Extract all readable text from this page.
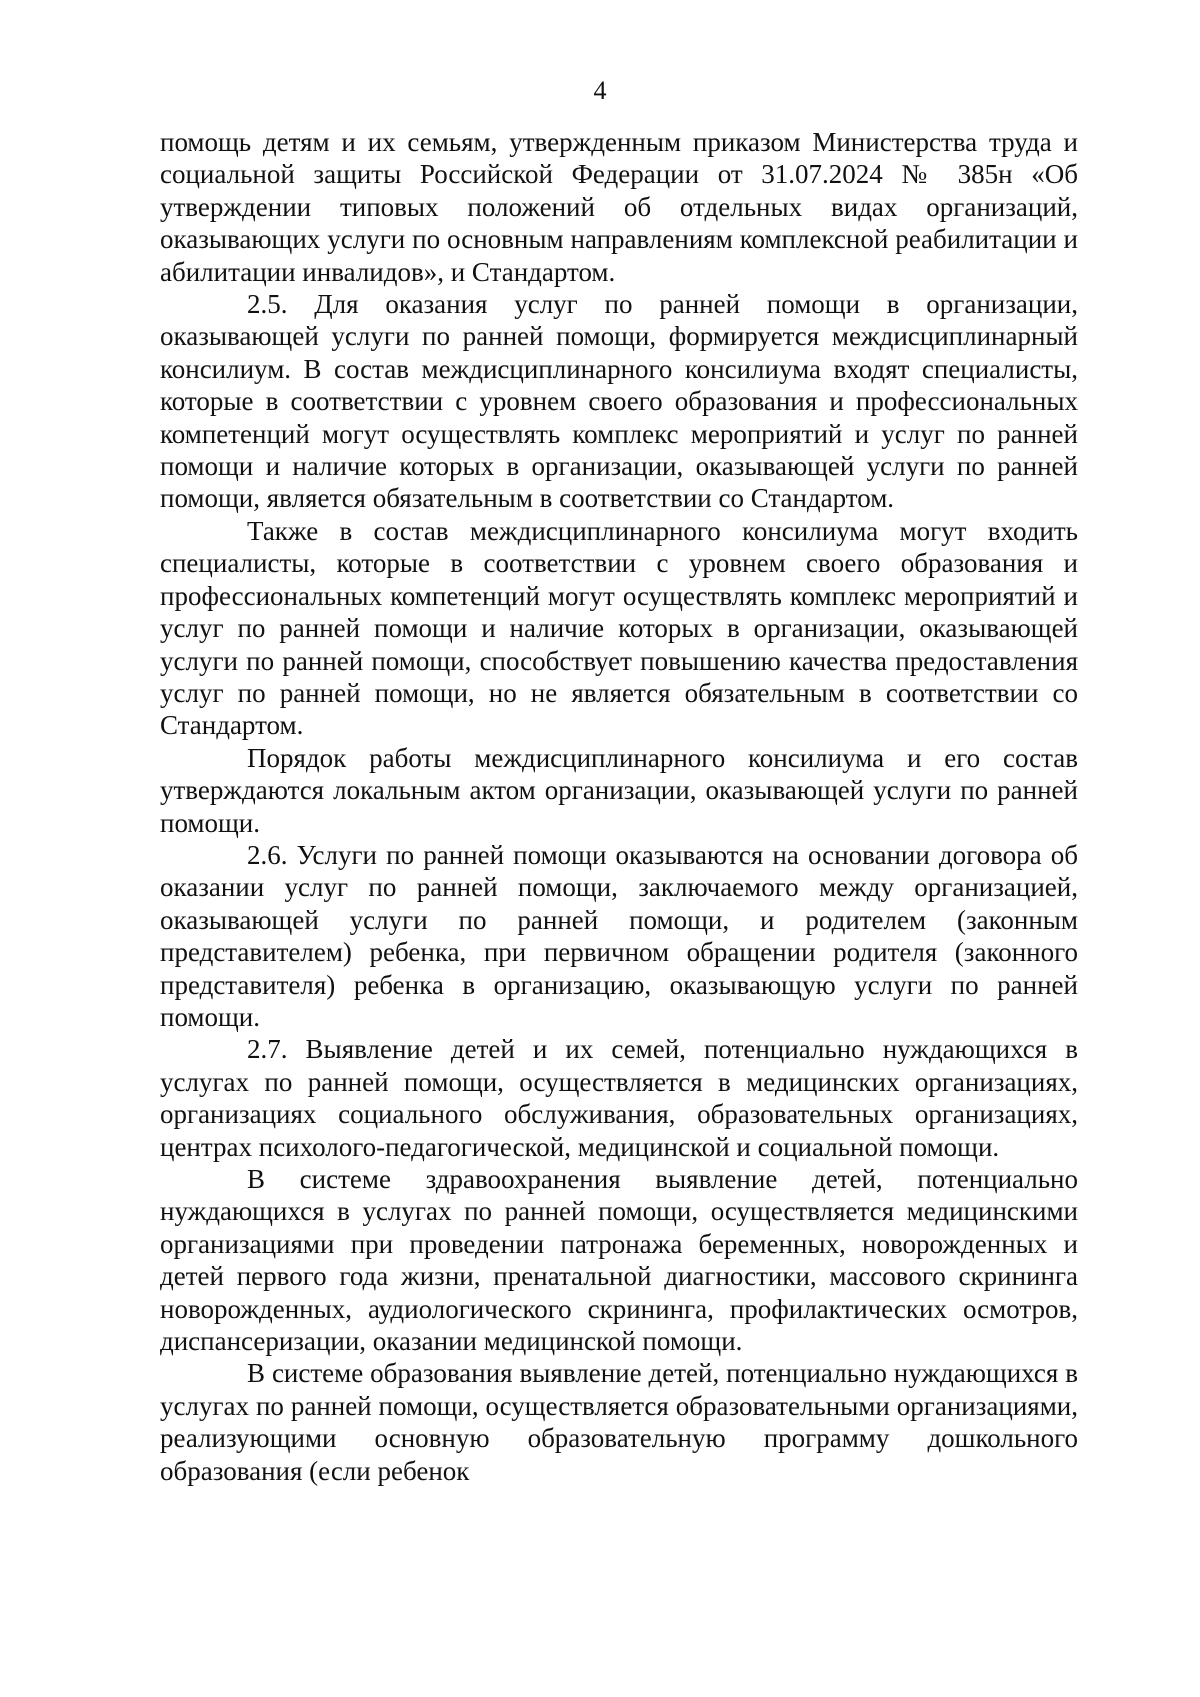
4

помощь детям и их семьям, утвержденным приказом Министерства труда и социальной защиты Российской Федерации от 31.07.2024 № 385н «Об утверждении типовых положений об отдельных видах организаций, оказывающих услуги по основным направлениям комплексной реабилитации и абилитации инвалидов», и Стандартом.

2.5. Для оказания услуг по ранней помощи в организации, оказывающей услуги по ранней помощи, формируется междисциплинарный консилиум. В состав междисциплинарного консилиума входят специалисты, которые в соответствии с уровнем своего образования и профессиональных компетенций могут осуществлять комплекс мероприятий и услуг по ранней помощи и наличие которых в организации, оказывающей услуги по ранней помощи, является обязательным в соответствии со Стандартом.

Также в состав междисциплинарного консилиума могут входить специалисты, которые в соответствии с уровнем своего образования и профессиональных компетенций могут осуществлять комплекс мероприятий и услуг по ранней помощи и наличие которых в организации, оказывающей услуги по ранней помощи, способствует повышению качества предоставления услуг по ранней помощи, но не является обязательным в соответствии со Стандартом.

Порядок работы междисциплинарного консилиума и его состав утверждаются локальным актом организации, оказывающей услуги по ранней помощи.

2.6. Услуги по ранней помощи оказываются на основании договора об оказании услуг по ранней помощи, заключаемого между организацией, оказывающей услуги по ранней помощи, и родителем (законным представителем) ребенка, при первичном обращении родителя (законного представителя) ребенка в организацию, оказывающую услуги по ранней помощи.

2.7. Выявление детей и их семей, потенциально нуждающихся в услугах по ранней помощи, осуществляется в медицинских организациях, организациях социального обслуживания, образовательных организациях, центрах психолого-педагогической, медицинской и социальной помощи.

В системе здравоохранения выявление детей, потенциально нуждающихся в услугах по ранней помощи, осуществляется медицинскими организациями при проведении патронажа беременных, новорожденных и детей первого года жизни, пренатальной диагностики, массового скрининга новорожденных, аудиологического скрининга, профилактических осмотров, диспансеризации, оказании медицинской помощи.

В системе образования выявление детей, потенциально нуждающихся в услугах по ранней помощи, осуществляется образовательными организациями, реализующими основную образовательную программу дошкольного образования (если ребенок
